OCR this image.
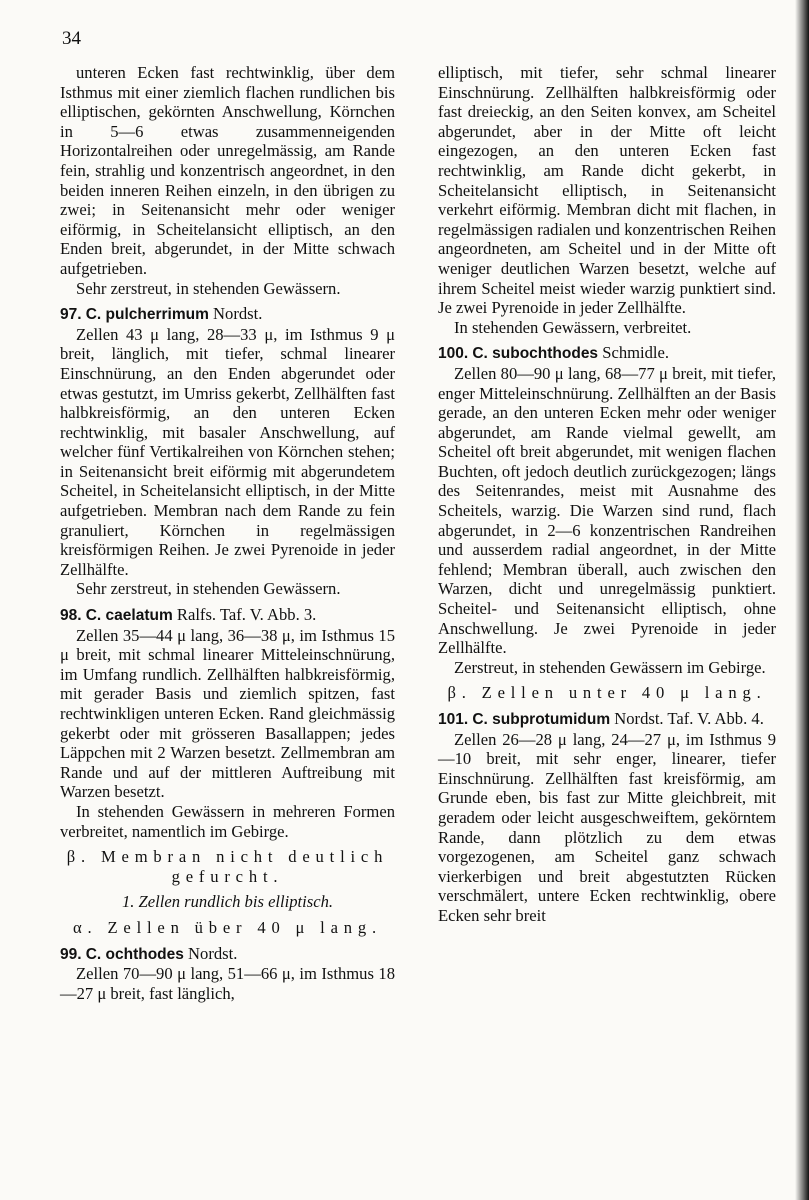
34

unteren Ecken fast rechtwinklig, über dem Isthmus mit einer ziemlich flachen rundlichen bis elliptischen, gekörnten Anschwellung, Körnchen in 5—6 etwas zusammenneigenden Horizontalreihen oder unregelmässig, am Rande fein, strahlig und konzentrisch angeordnet, in den beiden inneren Reihen einzeln, in den übrigen zu zwei; in Seitenansicht mehr oder weniger eiförmig, in Scheitelansicht elliptisch, an den Enden breit, abgerundet, in der Mitte schwach aufgetrieben.

Sehr zerstreut, in stehenden Gewässern.

97. C. pulcherrimum Nordst.

Zellen 43 μ lang, 28—33 μ, im Isthmus 9 μ breit, länglich, mit tiefer, schmal linearer Einschnürung, an den Enden abgerundet oder etwas gestutzt, im Umriss gekerbt, Zellhälften fast halbkreisförmig, an den unteren Ecken rechtwinklig, mit basaler Anschwellung, auf welcher fünf Vertikalreihen von Körnchen stehen; in Seitenansicht breit eiförmig mit abgerundetem Scheitel, in Scheitelansicht elliptisch, in der Mitte aufgetrieben. Membran nach dem Rande zu fein granuliert, Körnchen in regelmässigen kreisförmigen Reihen. Je zwei Pyrenoide in jeder Zellhälfte.

Sehr zerstreut, in stehenden Gewässern.

98. C. caelatum Ralfs. Taf. V. Abb. 3.

Zellen 35—44 μ lang, 36—38 μ, im Isthmus 15 μ breit, mit schmal linearer Mitteleinschnürung, im Umfang rundlich. Zellhälften halbkreisförmig, mit gerader Basis und ziemlich spitzen, fast rechtwinkligen unteren Ecken. Rand gleichmässig gekerbt oder mit grösseren Basallappen; jedes Läppchen mit 2 Warzen besetzt. Zellmembran am Rande und auf der mittleren Auftreibung mit Warzen besetzt.

In stehenden Gewässern in mehreren Formen verbreitet, namentlich im Gebirge.

β. Membran nicht deutlich gefurcht.

1. Zellen rundlich bis elliptisch.

α. Zellen über 40 μ lang.

99. C. ochthodes Nordst.

Zellen 70—90 μ lang, 51—66 μ, im Isthmus 18—27 μ breit, fast länglich,

elliptisch, mit tiefer, sehr schmal linearer Einschnürung. Zellhälften halbkreisförmig oder fast dreieckig, an den Seiten konvex, am Scheitel abgerundet, aber in der Mitte oft leicht eingezogen, an den unteren Ecken fast rechtwinklig, am Rande dicht gekerbt, in Scheitelansicht elliptisch, in Seitenansicht verkehrt eiförmig. Membran dicht mit flachen, in regelmässigen radialen und konzentrischen Reihen angeordneten, am Scheitel und in der Mitte oft weniger deutlichen Warzen besetzt, welche auf ihrem Scheitel meist wieder warzig punktiert sind. Je zwei Pyrenoide in jeder Zellhälfte.

In stehenden Gewässern, verbreitet.

100. C. subochthodes Schmidle.

Zellen 80—90 μ lang, 68—77 μ breit, mit tiefer, enger Mitteleinschnürung. Zellhälften an der Basis gerade, an den unteren Ecken mehr oder weniger abgerundet, am Rande vielmal gewellt, am Scheitel oft breit abgerundet, mit wenigen flachen Buchten, oft jedoch deutlich zurückgezogen; längs des Seitenrandes, meist mit Ausnahme des Scheitels, warzig. Die Warzen sind rund, flach abgerundet, in 2—6 konzentrischen Randreihen und ausserdem radial angeordnet, in der Mitte fehlend; Membran überall, auch zwischen den Warzen, dicht und unregelmässig punktiert. Scheitel- und Seitenansicht elliptisch, ohne Anschwellung. Je zwei Pyrenoide in jeder Zellhälfte.

Zerstreut, in stehenden Gewässern im Gebirge.

β. Zellen unter 40 μ lang.

101. C. subprotumidum Nordst. Taf. V. Abb. 4.

Zellen 26—28 μ lang, 24—27 μ, im Isthmus 9—10 breit, mit sehr enger, linearer, tiefer Einschnürung. Zellhälften fast kreisförmig, am Grunde eben, bis fast zur Mitte gleichbreit, mit geradem oder leicht ausgeschweiftem, gekörntem Rande, dann plötzlich zu dem etwas vorgezogenen, am Scheitel ganz schwach vierkerbigen und breit abgestutzten Rücken verschmälert, untere Ecken rechtwinklig, obere Ecken sehr breit
